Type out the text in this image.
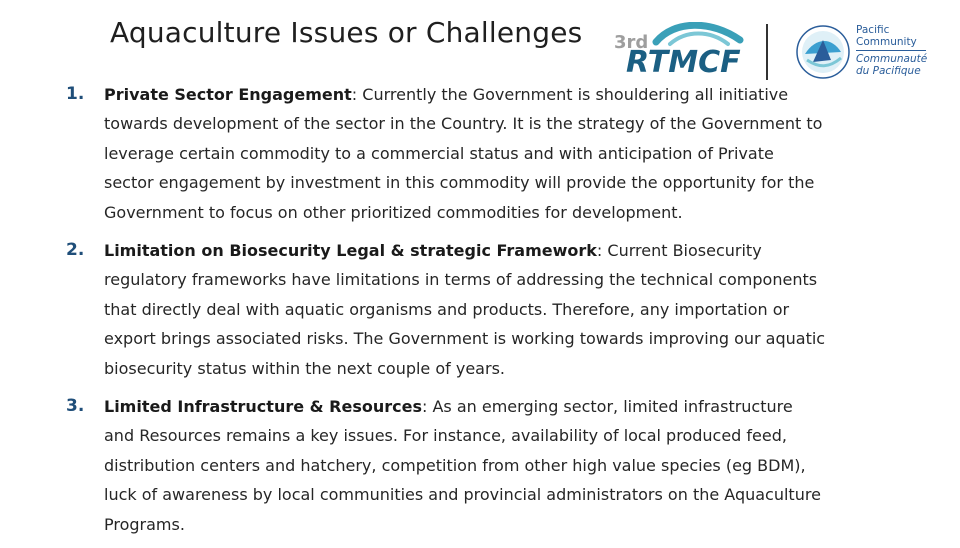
Aquaculture Issues or Challenges 3rd
RTMCF
Pacific
Community
Communauté
du Pacifique
1. Private Sector Engagement: Currently the Government is shouldering all initiative towards development of the sector in the Country. It is the strategy of the Government to leverage certain commodity to a commercial status and with anticipation of Private sector engagement by investment in this commodity will provide the opportunity for the Government to focus on other prioritized commodities for development.
2. Limitation on Biosecurity Legal & strategic Framework: Current Biosecurity regulatory frameworks have limitations in terms of addressing the technical components that directly deal with aquatic organisms and products. Therefore, any importation or export brings associated risks. The Government is working towards improving our aquatic biosecurity status within the next couple of years.
3. Limited Infrastructure & Resources: As an emerging sector, limited infrastructure and Resources remains a key issues. For instance, availability of local produced feed, distribution centers and hatchery, competition from other high value species (eg BDM), luck of awareness by local communities and provincial administrators on the Aquaculture Programs.
